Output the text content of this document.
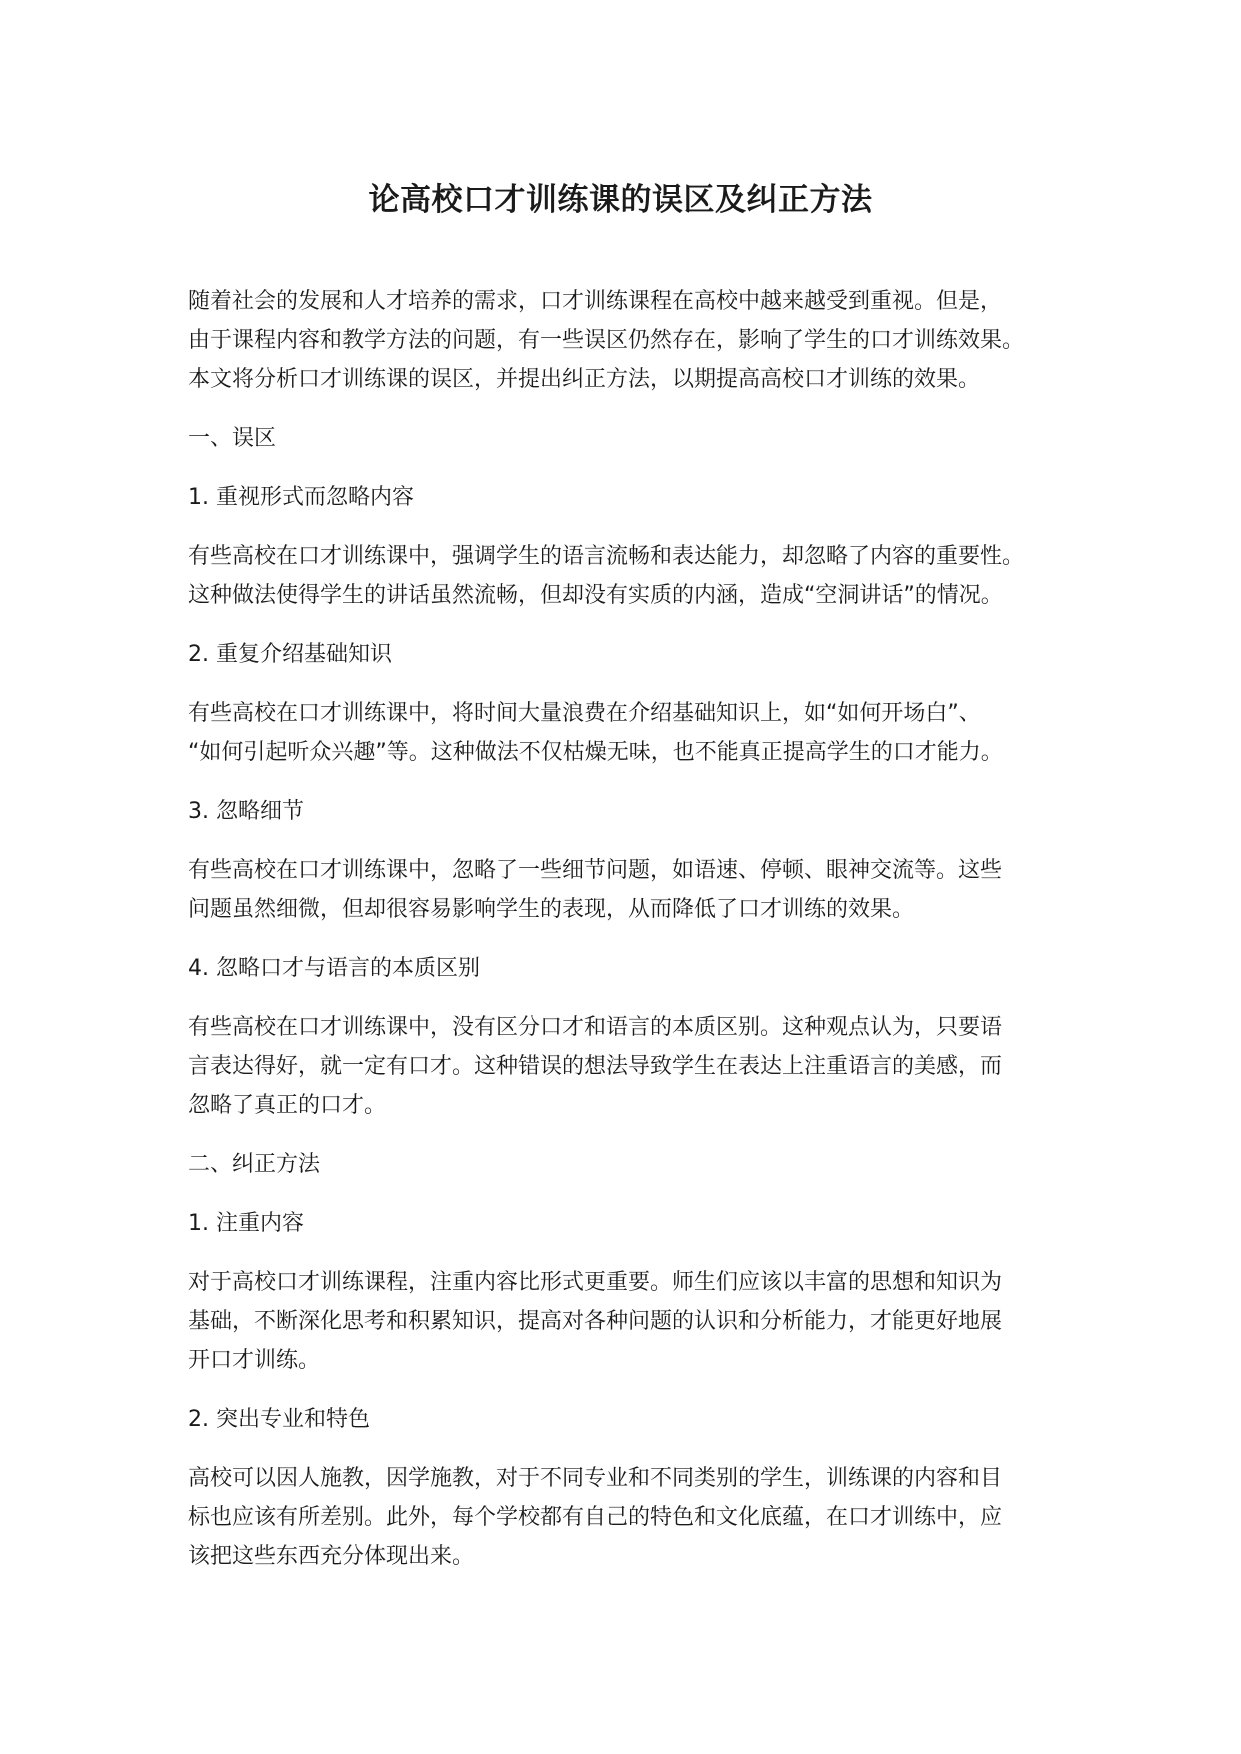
论高校口才训练课的误区及纠正方法
随着社会的发展和人才培养的需求，口才训练课程在高校中越来越受到重视。但是，
由于课程内容和教学方法的问题，有一些误区仍然存在，影响了学生的口才训练效果。
本文将分析口才训练课的误区，并提出纠正方法，以期提高高校口才训练的效果。
一、误区
1. 重视形式而忽略内容
有些高校在口才训练课中，强调学生的语言流畅和表达能力，却忽略了内容的重要性。
这种做法使得学生的讲话虽然流畅，但却没有实质的内涵，造成“空洞讲话”的情况。
2. 重复介绍基础知识
有些高校在口才训练课中，将时间大量浪费在介绍基础知识上，如“如何开场白”、
“如何引起听众兴趣”等。这种做法不仅枯燥无味，也不能真正提高学生的口才能力。
3. 忽略细节
有些高校在口才训练课中，忽略了一些细节问题，如语速、停顿、眼神交流等。这些
问题虽然细微，但却很容易影响学生的表现，从而降低了口才训练的效果。
4. 忽略口才与语言的本质区别
有些高校在口才训练课中，没有区分口才和语言的本质区别。这种观点认为，只要语
言表达得好，就一定有口才。这种错误的想法导致学生在表达上注重语言的美感，而
忽略了真正的口才。
二、纠正方法
1. 注重内容
对于高校口才训练课程，注重内容比形式更重要。师生们应该以丰富的思想和知识为
基础，不断深化思考和积累知识，提高对各种问题的认识和分析能力，才能更好地展
开口才训练。
2. 突出专业和特色
高校可以因人施教，因学施教，对于不同专业和不同类别的学生，训练课的内容和目
标也应该有所差别。此外，每个学校都有自己的特色和文化底蕴，在口才训练中，应
该把这些东西充分体现出来。
